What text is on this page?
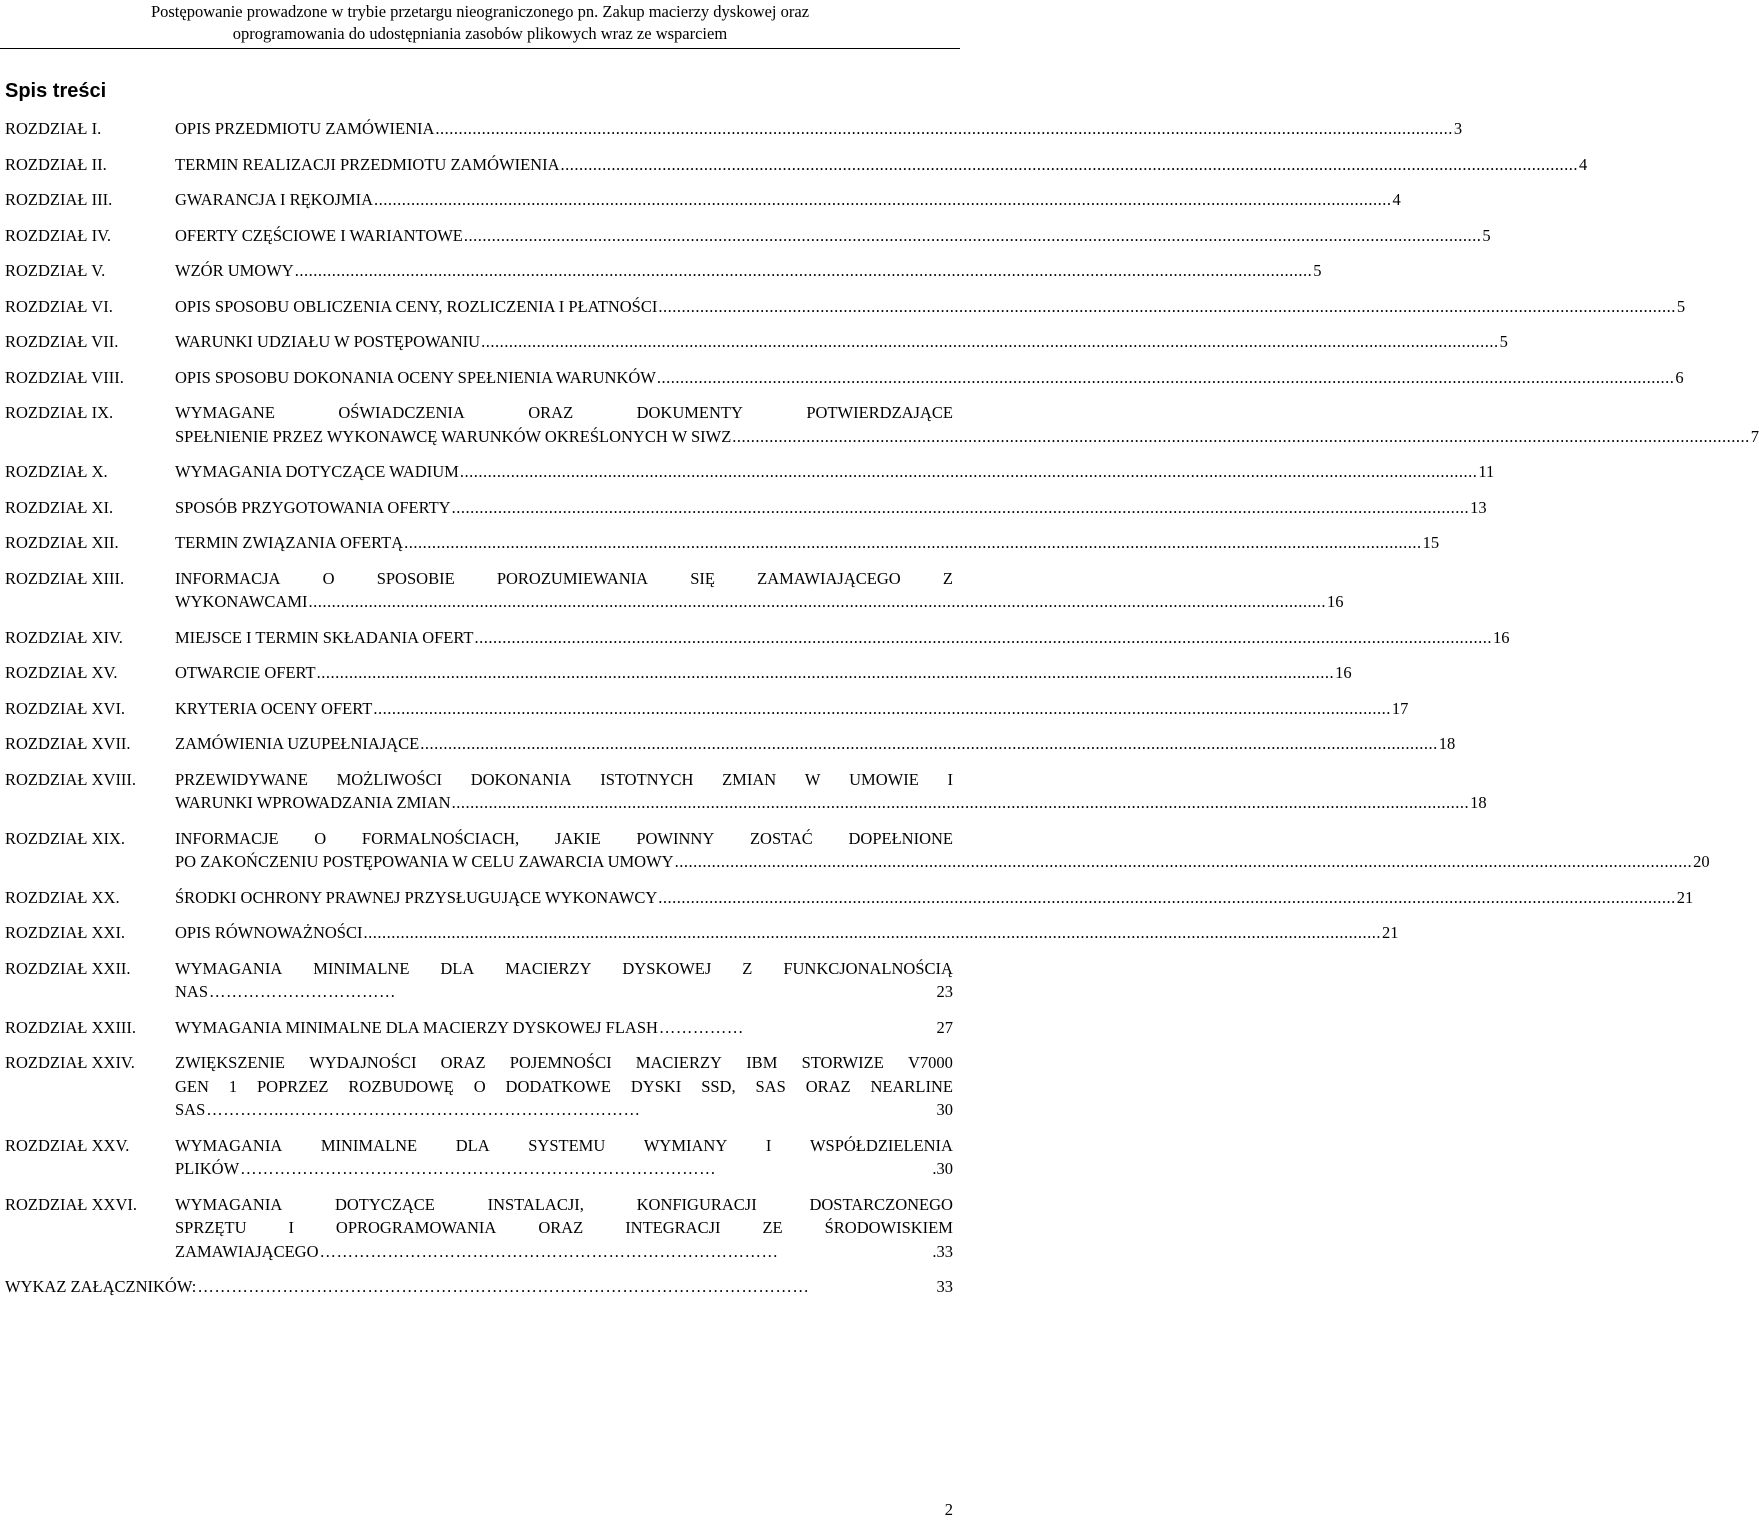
Postępowanie prowadzone w trybie przetargu nieograniczonego pn. Zakup macierzy dyskowej oraz
oprogramowania do udostępniania zasobów plikowych wraz ze wsparciem
Spis treści
ROZDZIAŁ I.	OPIS PRZEDMIOTU ZAMÓWIENIA ............................................................................................................................................................................................................................ 3
ROZDZIAŁ II.	TERMIN REALIZACJI PRZEDMIOTU ZAMÓWIENIA ............................................................................................................................................................................................................................ 4
ROZDZIAŁ III.	GWARANCJA I RĘKOJMIA ............................................................................................................................................................................................................................ 4
ROZDZIAŁ IV.	OFERTY CZĘŚCIOWE I WARIANTOWE ............................................................................................................................................................................................................................ 5
ROZDZIAŁ V.	WZÓR UMOWY ............................................................................................................................................................................................................................ 5
ROZDZIAŁ VI.	OPIS SPOSOBU OBLICZENIA CENY, ROZLICZENIA I PŁATNOŚCI ............................................................................................................................................................................................................................ 5
ROZDZIAŁ VII.	WARUNKI UDZIAŁU W POSTĘPOWANIU ............................................................................................................................................................................................................................ 5
ROZDZIAŁ VIII.	OPIS SPOSOBU DOKONANIA OCENY SPEŁNIENIA WARUNKÓW ............................................................................................................................................................................................................................ 6
ROZDZIAŁ IX.	WYMAGANE	OŚWIADCZENIA	ORAZ	DOKUMENTY	POTWIERDZAJĄCE
SPEŁNIENIE PRZEZ WYKONAWCĘ WARUNKÓW OKREŚLONYCH W SIWZ ............................................................................................................................................................................................................................ 7
ROZDZIAŁ X.	WYMAGANIA DOTYCZĄCE WADIUM ............................................................................................................................................................................................................................ 11
ROZDZIAŁ XI.	SPOSÓB PRZYGOTOWANIA OFERTY ............................................................................................................................................................................................................................ 13
ROZDZIAŁ XII.	TERMIN ZWIĄZANIA OFERTĄ ............................................................................................................................................................................................................................ 15
ROZDZIAŁ XIII.	INFORMACJA	O	SPOSOBIE	POROZUMIEWANIA	SIĘ	ZAMAWIAJĄCEGO	Z
WYKONAWCAMI ............................................................................................................................................................................................................................ 16
ROZDZIAŁ XIV.	MIEJSCE I TERMIN SKŁADANIA OFERT ............................................................................................................................................................................................................................ 16
ROZDZIAŁ XV.	OTWARCIE OFERT ............................................................................................................................................................................................................................ 16
ROZDZIAŁ XVI.	KRYTERIA OCENY OFERT ............................................................................................................................................................................................................................ 17
ROZDZIAŁ XVII.	ZAMÓWIENIA UZUPEŁNIAJĄCE ............................................................................................................................................................................................................................ 18
ROZDZIAŁ XVIII. PRZEWIDYWANE MOŻLIWOŚCI DOKONANIA ISTOTNYCH ZMIAN W UMOWIE I
WARUNKI WPROWADZANIA ZMIAN ............................................................................................................................................................................................................................ 18
ROZDZIAŁ XIX.	INFORMACJE O FORMALNOŚCIACH, JAKIE POWINNY ZOSTAĆ DOPEŁNIONE
PO ZAKOŃCZENIU POSTĘPOWANIA W CELU ZAWARCIA UMOWY ............................................................................................................................................................................................................................ 20
ROZDZIAŁ XX.	ŚRODKI OCHRONY PRAWNEJ PRZYSŁUGUJĄCE WYKONAWCY ............................................................................................................................................................................................................................ 21
ROZDZIAŁ XXI.	OPIS RÓWNOWAŻNOŚCI ............................................................................................................................................................................................................................ 21
ROZDZIAŁ XXII.	WYMAGANIA MINIMALNE DLA MACIERZY DYSKOWEJ Z FUNKCJONALNOŚCIĄ
NAS ……………………………	23
ROZDZIAŁ XXIII. WYMAGANIA MINIMALNE DLA MACIERZY DYSKOWEJ FLASH ……………	27
ROZDZIAŁ XXIV. ZWIĘKSZENIE WYDAJNOŚCI ORAZ POJEMNOŚCI MACIERZY IBM STORWIZE V7000
GEN 1 POPRZEZ ROZBUDOWĘ O DODATKOWE DYSKI SSD, SAS ORAZ NEARLINE
SAS …………..………………………………………………………	30
ROZDZIAŁ XXV.	WYMAGANIA MINIMALNE DLA SYSTEMU WYMIANY I WSPÓŁDZIELENIA
PLIKÓW …………………………………………………………………………	.30
ROZDZIAŁ XXVI. WYMAGANIA	DOTYCZĄCE	INSTALACJI,	KONFIGURACJI	DOSTARCZONEGO
SPRZĘTU	I	OPROGRAMOWANIA	ORAZ	INTEGRACJI	ZE	ŚRODOWISKIEM
ZAMAWIAJĄCEGO ………………………………………………………………………	.33
WYKAZ ZAŁĄCZNIKÓW: ………………………………………………………………………………………………	33
2
